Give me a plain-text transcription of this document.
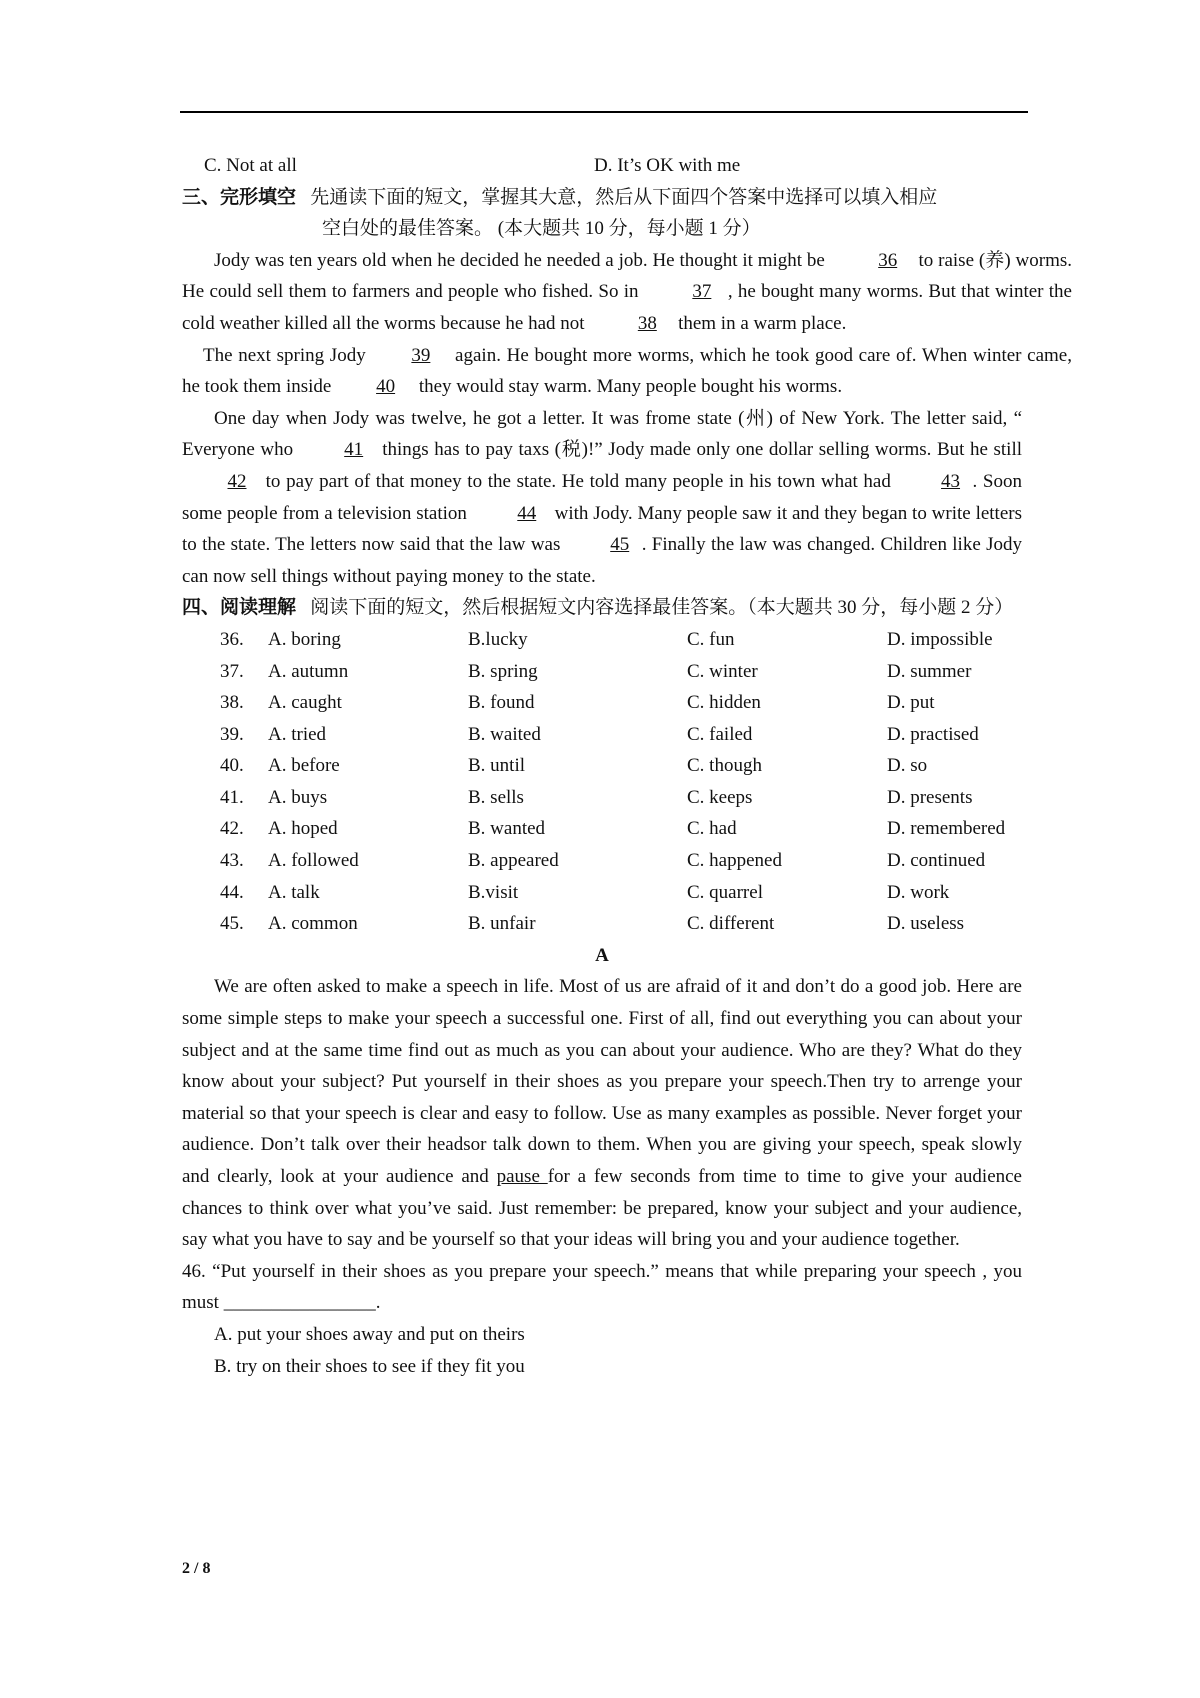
C. Not at all	D. It’s OK with me
三、完形填空 先通读下面的短文，掌握其大意，然后从下面四个答案中选择可以填入相应
空白处的最佳答案。 (本大题共 10 分，每小题 1 分）

Jody was ten years old when he decided he needed a job. He thought it might be	36 to raise (养) worms. He could sell them to farmers and people who fished. So in	37 , he bought many worms. But that winter the cold weather killed all the worms because he had not	38 them in a warm place.

The next spring Jody 39 again. He bought more worms, which he took good care of. When winter came, he took them inside 40 they would stay warm. Many people bought his worms.

One day when Jody was twelve, he got a letter. It was frome state (州) of New York. The letter said, “ Everyone who 41 things has to pay taxs (税)!” Jody made only one dollar selling worms. But he still 42 to pay part of that money to the state. He told many people in his town what had 43 . Soon some people from a television station 44 with Jody. Many people saw it and they began to write letters to the state. The letters now said that the law was 45 . Finally the law was changed. Children like Jody can now sell things without paying money to the state.

四、阅读理解 阅读下面的短文，然后根据短文内容选择最佳答案。（本大题共 30 分，每小题 2 分）
36.	A. boring	B.lucky	C. fun	D. impossible
37.	A. autumn	B. spring	C. winter	D. summer
38.	A. caught	B. found	C. hidden	D. put
39.	A. tried	B. waited	C. failed	D. practised
40.	A. before	B. until	C. though	D. so
41.	A. buys	B. sells	C. keeps	D. presents
42.	A. hoped	B. wanted	C. had	D. remembered
43.	A. followed	B. appeared	C. happened	D. continued
44.	A. talk	B.visit	C. quarrel	D. work
45.	A. common	B. unfair	C. different	D. useless
A

We are often asked to make a speech in life. Most of us are afraid of it and don’t do a good job. Here are some simple steps to make your speech a successful one. First of all, find out everything you can about your subject and at the same time find out as much as you can about your audience. Who are they? What do they know about your subject? Put yourself in their shoes as you prepare your speech.Then try to arrenge your material so that your speech is clear and easy to follow. Use as many examples as possible. Never forget your audience. Don’t talk over their headsor talk down to them. When you are giving your speech, speak slowly and clearly, look at your audience and pause for a few seconds from time to time to give your audience chances to think over what you’ve said. Just remember: be prepared, know your subject and your audience, say what you have to say and be yourself so that your ideas will bring you and your audience together.

46. “Put yourself in their shoes as you prepare your speech.” means that while preparing your speech , you must ________________.

A. put your shoes away and put on theirs
B. try on their shoes to see if they fit you
2 / 8
